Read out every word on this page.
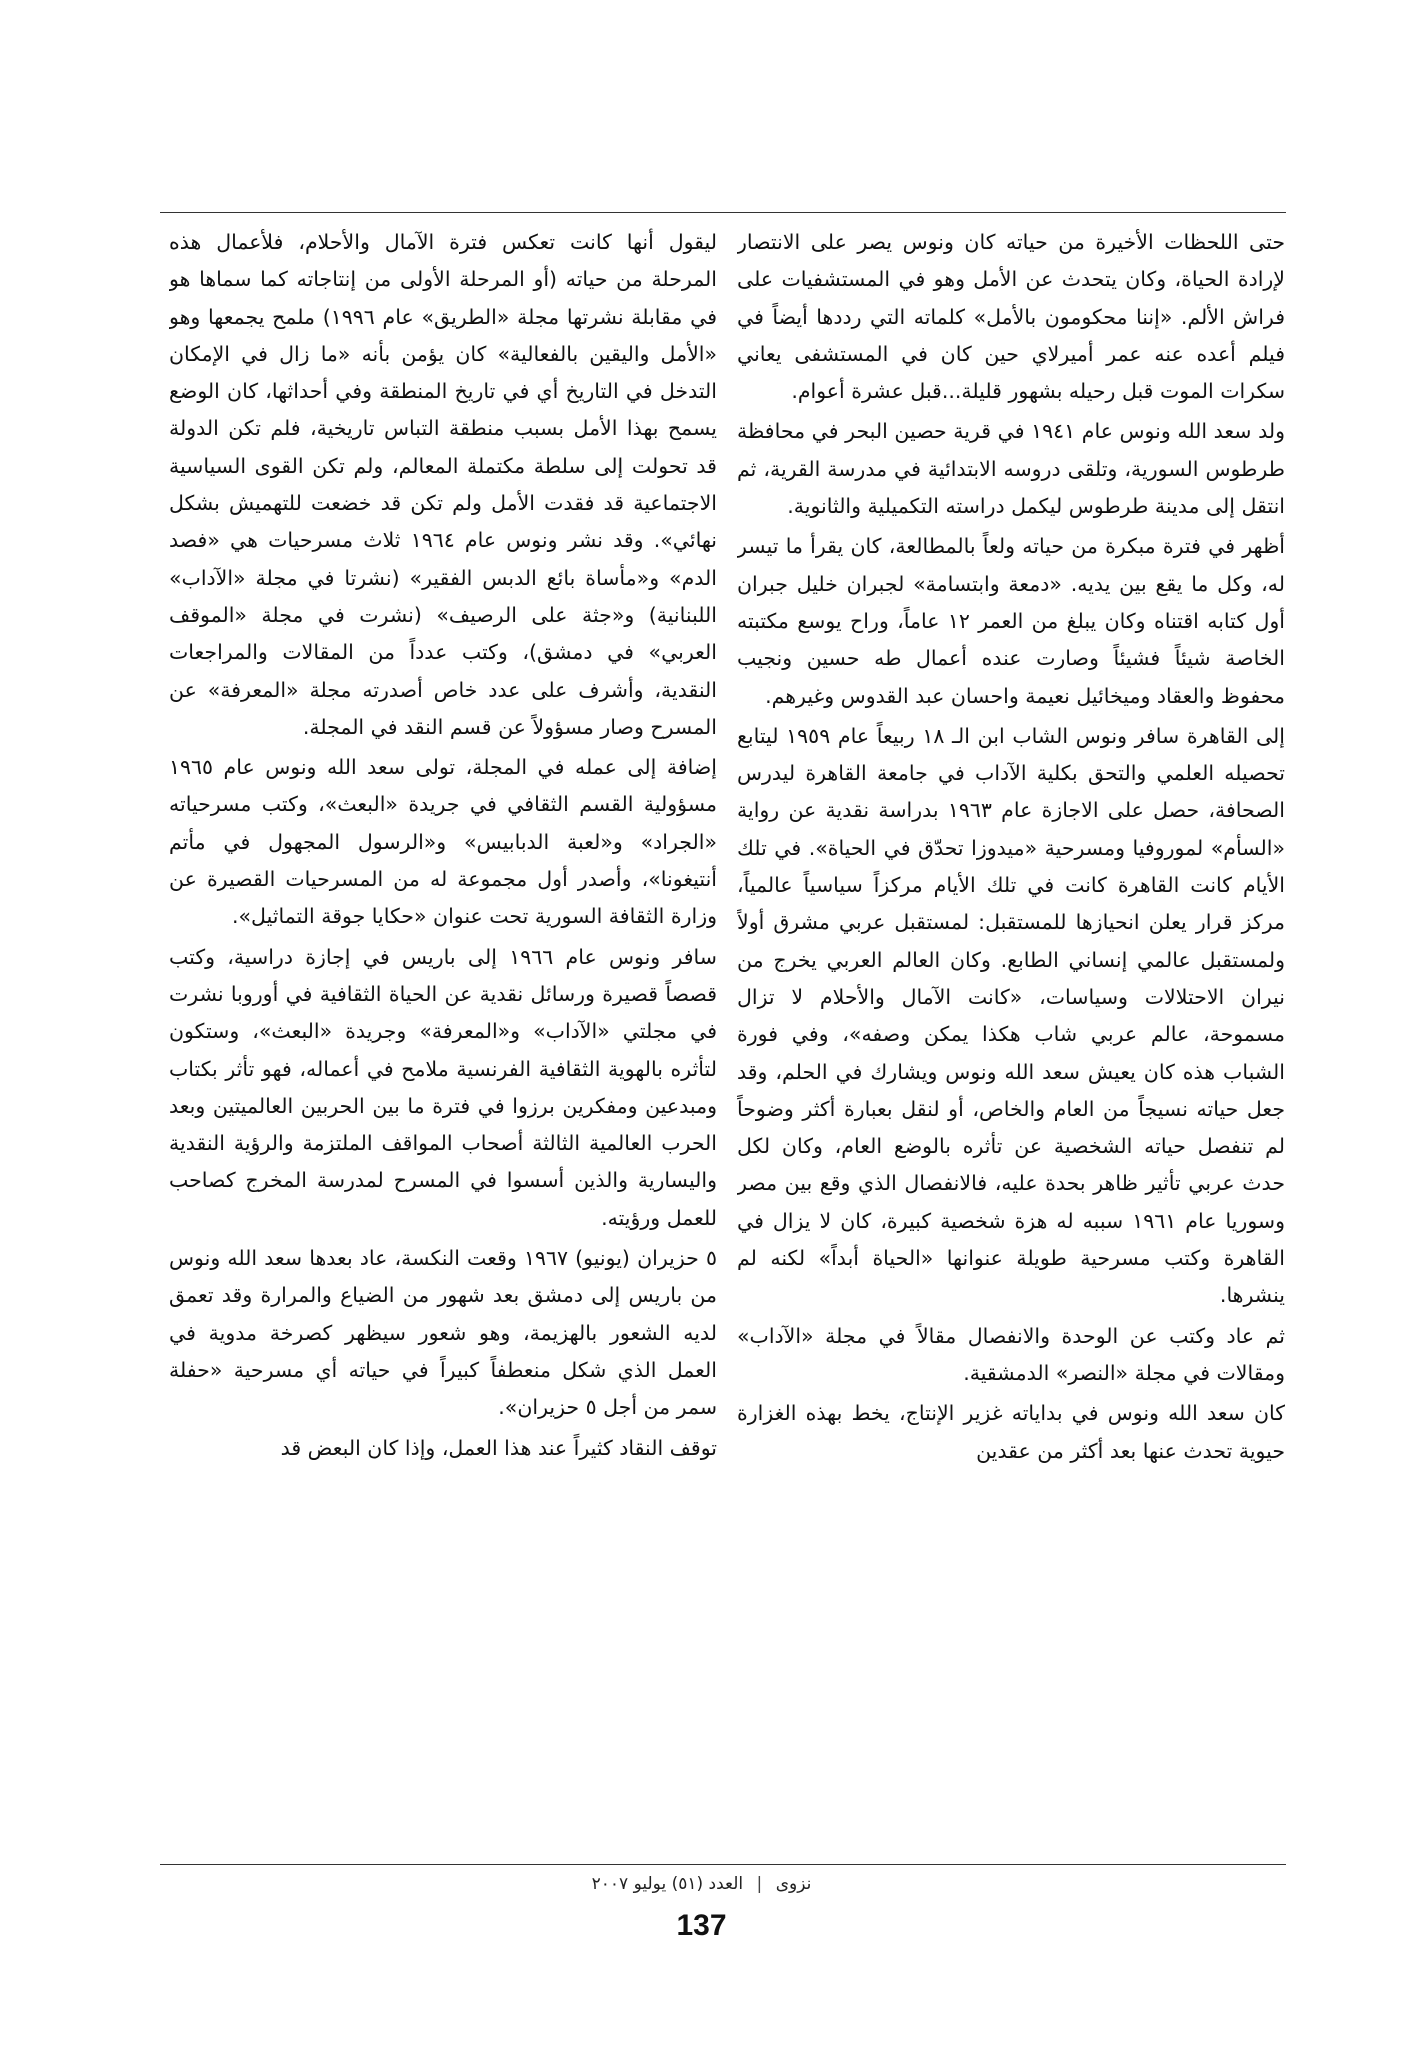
حتى اللحظات الأخيرة من حياته كان ونوس يصر على الانتصار لإرادة الحياة، وكان يتحدث عن الأمل وهو في المستشفيات على فراش الألم. «إننا محكومون بالأمل» كلماته التي رددها أيضاً في فيلم أعده عنه عمر أميرلاي حين كان في المستشفى يعاني سكرات الموت قبل رحيله بشهور قليلة...قبل عشرة أعوام.

ولد سعد الله ونوس عام ١٩٤١ في قرية حصين البحر في محافظة طرطوس السورية، وتلقى دروسه الابتدائية في مدرسة القرية، ثم انتقل إلى مدينة طرطوس ليكمل دراسته التكميلية والثانوية.

أظهر في فترة مبكرة من حياته ولعاً بالمطالعة، كان يقرأ ما تيسر له، وكل ما يقع بين يديه. «دمعة وابتسامة» لجبران خليل جبران أول كتابه اقتناه وكان يبلغ من العمر ١٢ عاماً، وراح يوسع مكتبته الخاصة شيئاً فشيئاً وصارت عنده أعمال طه حسين ونجيب محفوظ والعقاد وميخائيل نعيمة واحسان عبد القدوس وغيرهم.

إلى القاهرة سافر ونوس الشاب ابن الـ ١٨ ربيعاً عام ١٩٥٩ ليتابع تحصيله العلمي والتحق بكلية الآداب في جامعة القاهرة ليدرس الصحافة، حصل على الاجازة عام ١٩٦٣ بدراسة نقدية عن رواية «السأم» لموروفيا ومسرحية «ميدوزا تحدّق في الحياة». في تلك الأيام كانت القاهرة كانت في تلك الأيام مركزاً سياسياً عالمياً، مركز قرار يعلن انحيازها للمستقبل: لمستقبل عربي مشرق أولاً ولمستقبل عالمي إنساني الطابع. وكان العالم العربي يخرج من نيران الاحتلالات وسياسات، «كانت الآمال والأحلام لا تزال مسموحة، عالم عربي شاب هكذا يمكن وصفه»، وفي فورة الشباب هذه كان يعيش سعد الله ونوس ويشارك في الحلم، وقد جعل حياته نسيجاً من العام والخاص، أو لنقل بعبارة أكثر وضوحاً لم تنفصل حياته الشخصية عن تأثره بالوضع العام، وكان لكل حدث عربي تأثير ظاهر بحدة عليه، فالانفصال الذي وقع بين مصر وسوريا عام ١٩٦١ سببه له هزة شخصية كبيرة، كان لا يزال في القاهرة وكتب مسرحية طويلة عنوانها «الحياة أبداً» لكنه لم ينشرها.

ثم عاد وكتب عن الوحدة والانفصال مقالاً في مجلة «الآداب» ومقالات في مجلة «النصر» الدمشقية.

كان سعد الله ونوس في بداياته غزير الإنتاج، يخط بهذه الغزارة حيوية تحدث عنها بعد أكثر من عقدين

ليقول أنها كانت تعكس فترة الآمال والأحلام، فلأعمال هذه المرحلة من حياته (أو المرحلة الأولى من إنتاجاته كما سماها هو في مقابلة نشرتها مجلة «الطريق» عام ١٩٩٦) ملمح يجمعها وهو «الأمل واليقين بالفعالية» كان يؤمن بأنه «ما زال في الإمكان التدخل في التاريخ أي في تاريخ المنطقة وفي أحداثها، كان الوضع يسمح بهذا الأمل بسبب منطقة التباس تاريخية، فلم تكن الدولة قد تحولت إلى سلطة مكتملة المعالم، ولم تكن القوى السياسية الاجتماعية قد فقدت الأمل ولم تكن قد خضعت للتهميش بشكل نهائي». وقد نشر ونوس عام ١٩٦٤ ثلاث مسرحيات هي «فصد الدم» و«مأساة بائع الدبس الفقير» (نشرتا في مجلة «الآداب» اللبنانية) و«جثة على الرصيف» (نشرت في مجلة «الموقف العربي» في دمشق)، وكتب عدداً من المقالات والمراجعات النقدية، وأشرف على عدد خاص أصدرته مجلة «المعرفة» عن المسرح وصار مسؤولاً عن قسم النقد في المجلة.

إضافة إلى عمله في المجلة، تولى سعد الله ونوس عام ١٩٦٥ مسؤولية القسم الثقافي في جريدة «البعث»، وكتب مسرحياته «الجراد» و«لعبة الدبابيس» و«الرسول المجهول في مأتم أنتيغونا»، وأصدر أول مجموعة له من المسرحيات القصيرة عن وزارة الثقافة السورية تحت عنوان «حكايا جوقة التماثيل».

سافر ونوس عام ١٩٦٦ إلى باريس في إجازة دراسية، وكتب قصصاً قصيرة ورسائل نقدية عن الحياة الثقافية في أوروبا نشرت في مجلتي «الآداب» و«المعرفة» وجريدة «البعث»، وستكون لتأثره بالهوية الثقافية الفرنسية ملامح في أعماله، فهو تأثر بكتاب ومبدعين ومفكرين برزوا في فترة ما بين الحربين العالميتين وبعد الحرب العالمية الثالثة أصحاب المواقف الملتزمة والرؤية النقدية واليسارية والذين أسسوا في المسرح لمدرسة المخرج كصاحب للعمل ورؤيته.

٥ حزيران (يونيو) ١٩٦٧ وقعت النكسة، عاد بعدها سعد الله ونوس من باريس إلى دمشق بعد شهور من الضياع والمرارة وقد تعمق لديه الشعور بالهزيمة، وهو شعور سيظهر كصرخة مدوية في العمل الذي شكل منعطفاً كبيراً في حياته أي مسرحية «حفلة سمر من أجل ٥ حزيران».

توقف النقاد كثيراً عند هذا العمل، وإذا كان البعض قد

نزوى | العدد (٥١) يوليو ٢٠٠٧
137
